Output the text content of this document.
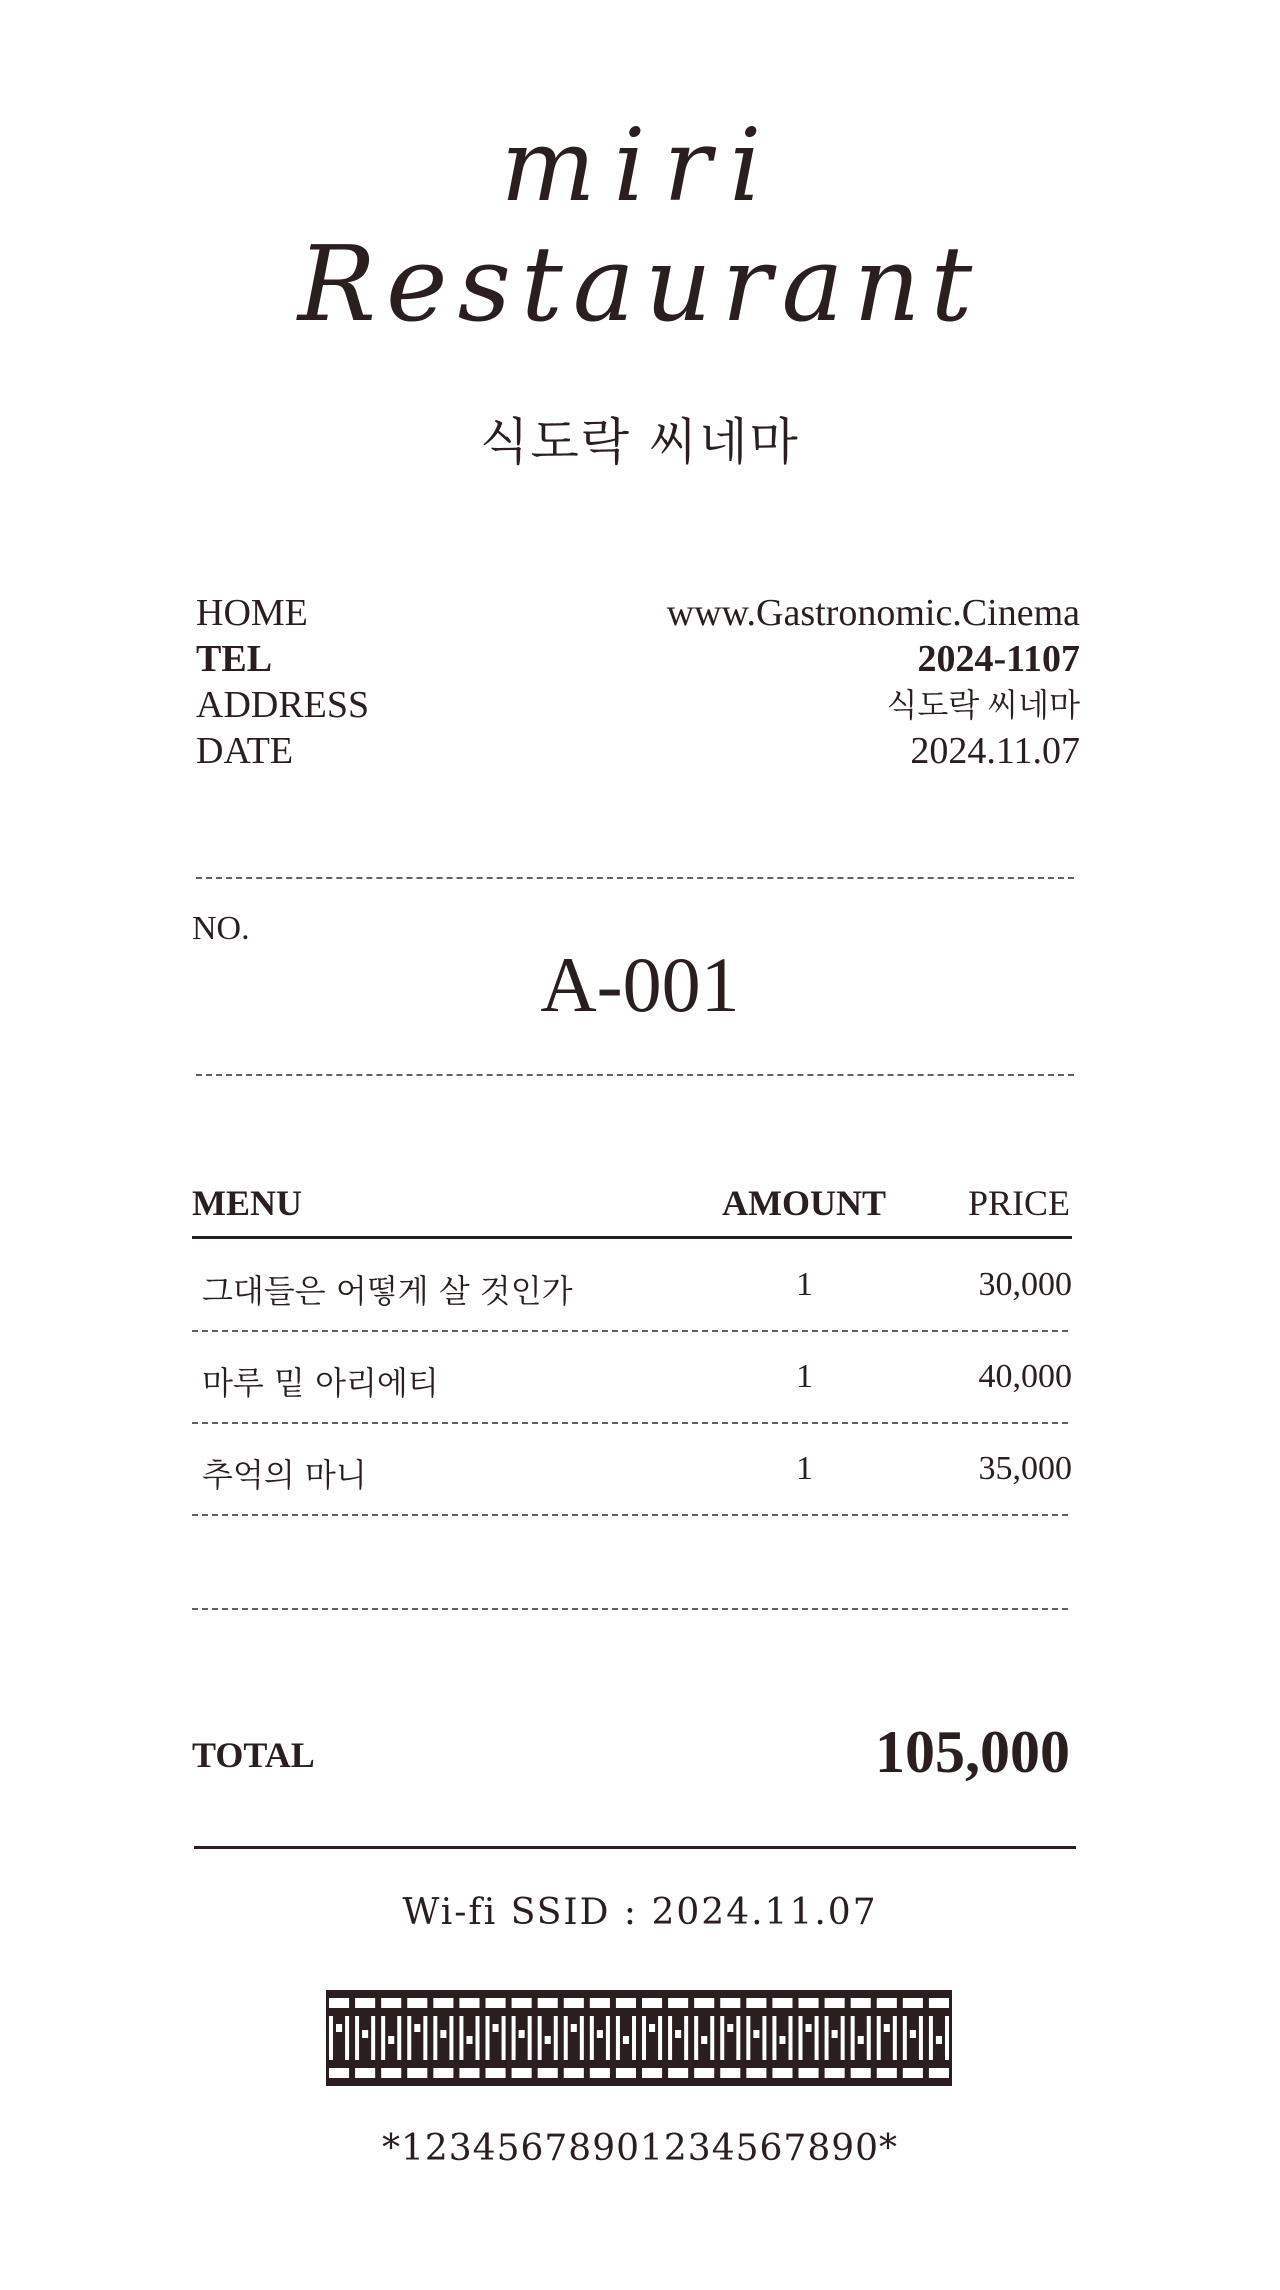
miri
Restaurant
식도락 씨네마
HOME	www.Gastronomic.Cinema
TEL	2024-1107
ADDRESS	식도락 씨네마
DATE	2024.11.07
NO.
A-001
MENU	AMOUNT PRICE
그대들은 어떻게 살 것인가	1	30,000
마루 밑 아리에티	1	40,000
추억의 마니	1	35,000
TOTAL	105,000
Wi-fi SSID : 2024.11.07
*12345678901234567890*
